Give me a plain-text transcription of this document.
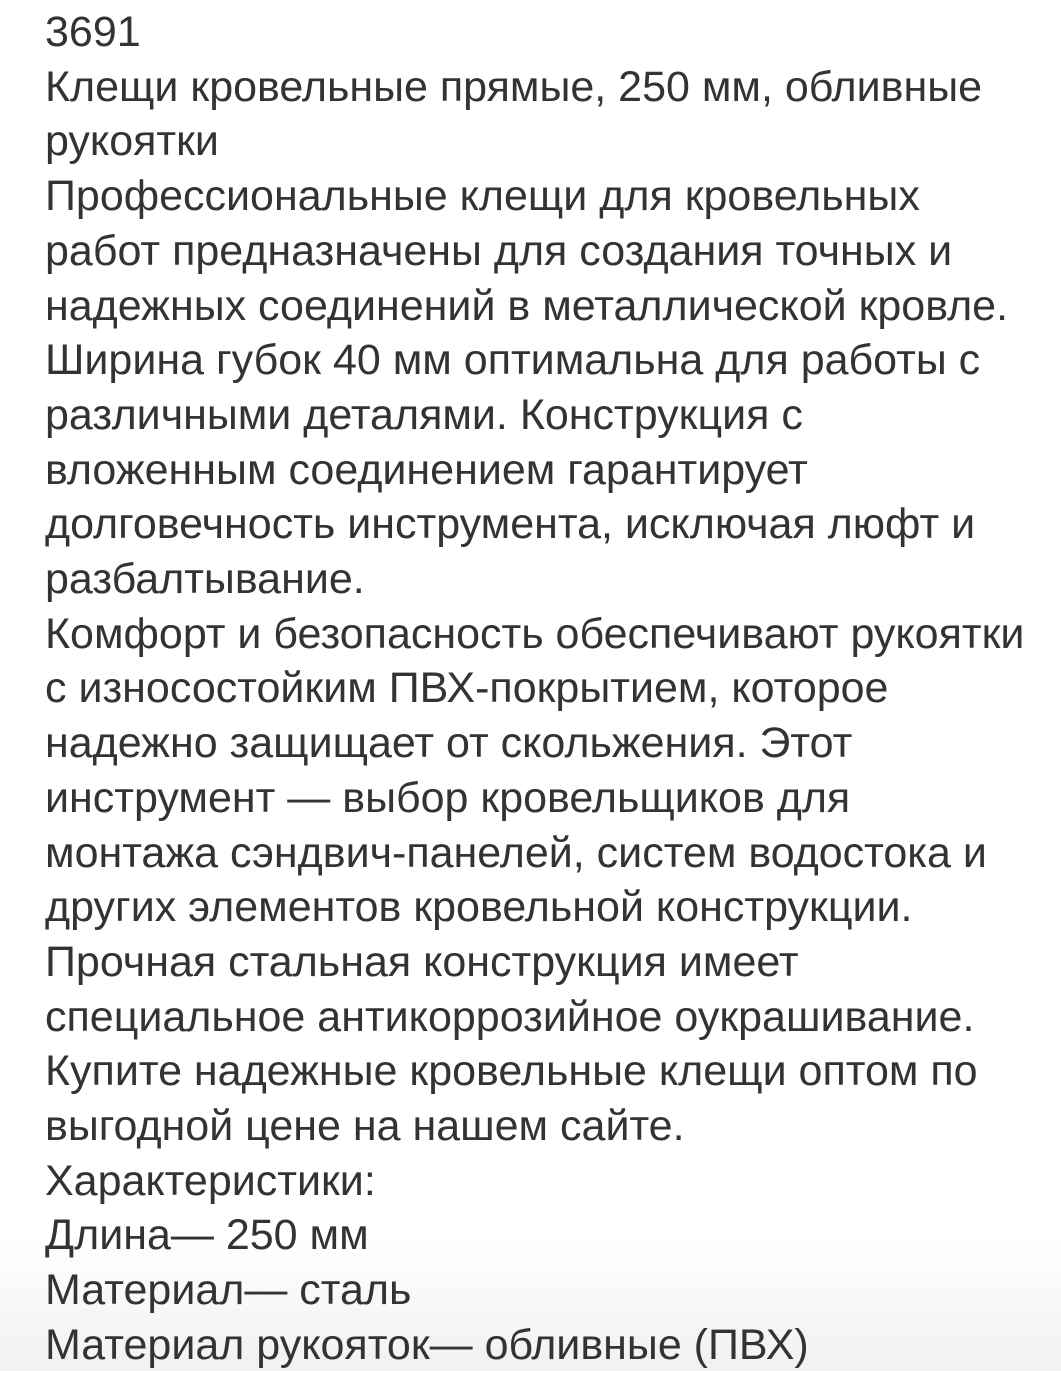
3691
Клещи кровельные прямые, 250 мм, обливные
рукоятки
Профессиональные клещи для кровельных
работ предназначены для создания точных и
надежных соединений в металлической кровле.
Ширина губок 40 мм оптимальна для работы с
различными деталями. Конструкция с
вложенным соединением гарантирует
долговечность инструмента, исключая люфт и
разбалтывание.
Комфорт и безопасность обеспечивают рукоятки
с износостойким ПВХ-покрытием, которое
надежно защищает от скольжения. Этот
инструмент — выбор кровельщиков для
монтажа сэндвич-панелей, систем водостока и
других элементов кровельной конструкции.
Прочная стальная конструкция имеет
специальное антикоррозийное оукрашивание.
Купите надежные кровельные клещи оптом по
выгодной цене на нашем сайте.
Характеристики:
Длина— 250 мм
Материал— сталь
Материал рукояток— обливные (ПВХ)
